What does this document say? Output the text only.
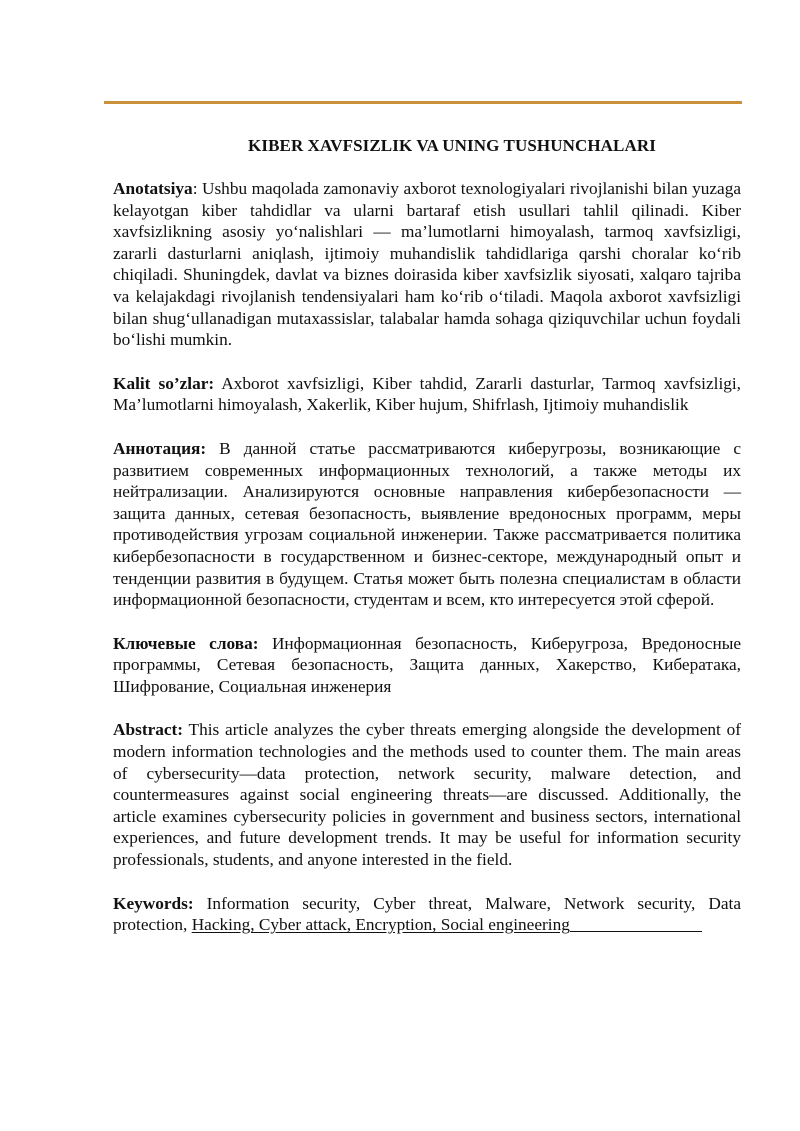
KIBER XAVFSIZLIK VA UNING TUSHUNCHALARI

Anotatsiya: Ushbu maqolada zamonaviy axborot texnologiyalari rivojlanishi bilan yuzaga kelayotgan kiber tahdidlar va ularni bartaraf etish usullari tahlil qilinadi. Kiber xavfsizlikning asosiy yo‘nalishlari — ma’lumotlarni himoyalash, tarmoq xavfsizligi, zararli dasturlarni aniqlash, ijtimoiy muhandislik tahdidlariga qarshi choralar ko‘rib chiqiladi. Shuningdek, davlat va biznes doirasida kiber xavfsizlik siyosati, xalqaro tajriba va kelajakdagi rivojlanish tendensiyalari ham ko‘rib o‘tiladi. Maqola axborot xavfsizligi bilan shug‘ullanadigan mutaxassislar, talabalar hamda sohaga qiziquvchilar uchun foydali bo‘lishi mumkin.

Kalit so’zlar: Axborot xavfsizligi, Kiber tahdid, Zararli dasturlar, Tarmoq xavfsizligi, Ma’lumotlarni himoyalash, Xakerlik, Kiber hujum, Shifrlash, Ijtimoiy muhandislik

Аннотация: В данной статье рассматриваются киберугрозы, возникающие с развитием современных информационных технологий, а также методы их нейтрализации. Анализируются основные направления кибербезопасности — защита данных, сетевая безопасность, выявление вредоносных программ, меры противодействия угрозам социальной инженерии. Также рассматривается политика кибербезопасности в государственном и бизнес-секторе, международный опыт и тенденции развития в будущем. Статья может быть полезна специалистам в области информационной безопасности, студентам и всем, кто интересуется этой сферой.

Ключевые слова: Информационная безопасность, Киберугроза, Вредоносные программы, Сетевая безопасность, Защита данных, Хакерство, Кибератака, Шифрование, Социальная инженерия

Abstract: This article analyzes the cyber threats emerging alongside the development of modern information technologies and the methods used to counter them. The main areas of cybersecurity—data protection, network security, malware detection, and countermeasures against social engineering threats—are discussed. Additionally, the article examines cybersecurity policies in government and business sectors, international experiences, and future development trends. It may be useful for information security professionals, students, and anyone interested in the field.

Keywords: Information security, Cyber threat, Malware, Network security, Data protection, Hacking, Cyber attack, Encryption, Social engineering
